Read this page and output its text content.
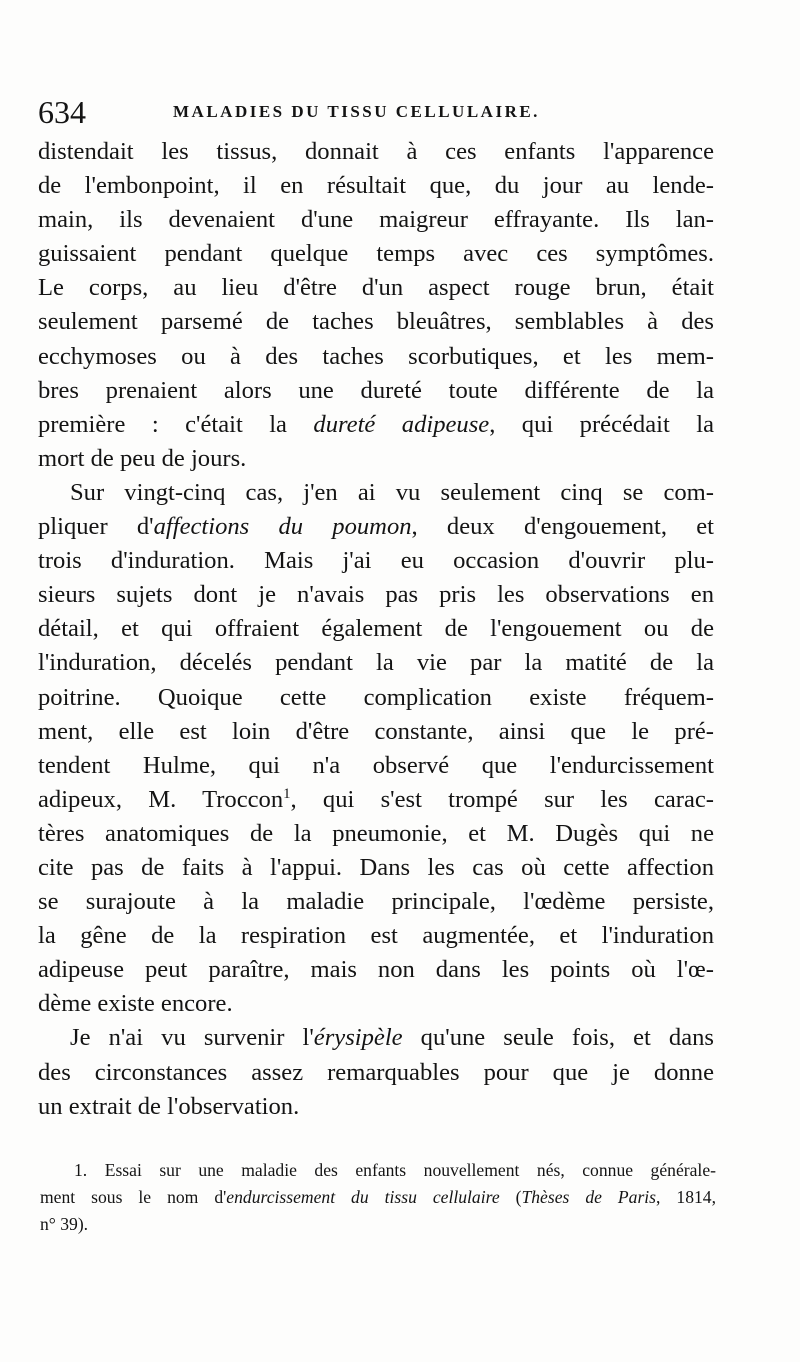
634	MALADIES DU TISSU CELLULAIRE.

distendait les tissus, donnait à ces enfants l'apparence
de l'embonpoint, il en résultait que, du jour au lende-
main, ils devenaient d'une maigreur effrayante. Ils lan-
guissaient pendant quelque temps avec ces symptômes.
Le corps, au lieu d'être d'un aspect rouge brun, était
seulement parsemé de taches bleuâtres, semblables à des
ecchymoses ou à des taches scorbutiques, et les mem-
bres prenaient alors une dureté toute différente de la
première : c'était la dureté adipeuse, qui précédait la
mort de peu de jours.

Sur vingt-cinq cas, j'en ai vu seulement cinq se com-
pliquer d'affections du poumon, deux d'engouement, et
trois d'induration. Mais j'ai eu occasion d'ouvrir plu-
sieurs sujets dont je n'avais pas pris les observations en
détail, et qui offraient également de l'engouement ou de
l'induration, décelés pendant la vie par la matité de la
poitrine. Quoique cette complication existe fréquem-
ment, elle est loin d'être constante, ainsi que le pré-
tendent Hulme, qui n'a observé que l'endurcissement
adipeux, M. Troccon$^1$, qui s'est trompé sur les carac-
tères anatomiques de la pneumonie, et M. Dugès qui ne
cite pas de faits à l'appui. Dans les cas où cette affection
se surajoute à la maladie principale, l'œdème persiste,
la gêne de la respiration est augmentée, et l'induration
adipeuse peut paraître, mais non dans les points où l'œ-
dème existe encore.

Je n'ai vu survenir l'érysipèle qu'une seule fois, et dans
des circonstances assez remarquables pour que je donne
un extrait de l'observation.

1. Essai sur une maladie des enfants nouvellement nés, connue générale-
ment sous le nom d'endurcissement du tissu cellulaire (Thèses de Paris, 1814,
n° 39).
